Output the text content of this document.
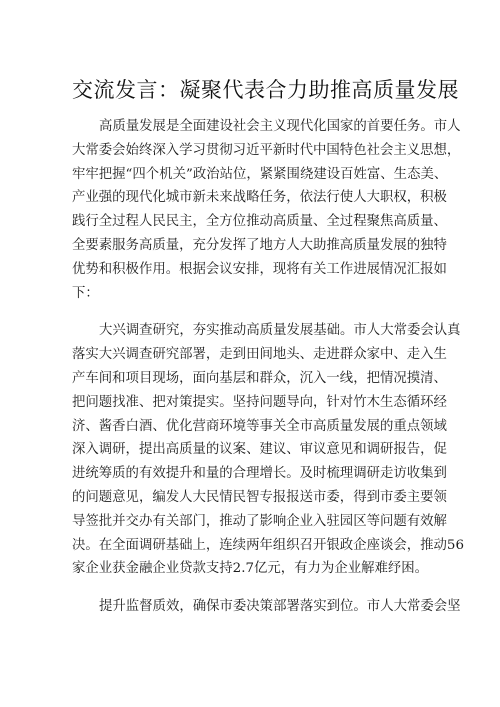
交流发言：凝聚代表合力助推高质量发展
高质量发展是全面建设社会主义现代化国家的首要任务。市人
大常委会始终深入学习贯彻习近平新时代中国特色社会主义思想，
牢牢把握“四个机关”政治站位，紧紧围绕建设百姓富、生态美、
产业强的现代化城市新未来战略任务，依法行使人大职权，积极
践行全过程人民民主，全方位推动高质量、全过程聚焦高质量、
全要素服务高质量，充分发挥了地方人大助推高质量发展的独特
优势和积极作用。根据会议安排，现将有关工作进展情况汇报如
下：
大兴调查研究，夯实推动高质量发展基础。市人大常委会认真
落实大兴调查研究部署，走到田间地头、走进群众家中、走入生
产车间和项目现场，面向基层和群众，沉入一线，把情况摸清、
把问题找准、把对策提实。坚持问题导向，针对竹木生态循环经
济、酱香白酒、优化营商环境等事关全市高质量发展的重点领域
深入调研，提出高质量的议案、建议、审议意见和调研报告，促
进统筹质的有效提升和量的合理增长。及时梳理调研走访收集到
的问题意见，编发人大民情民智专报报送市委，得到市委主要领
导签批并交办有关部门，推动了影响企业入驻园区等问题有效解
决。在全面调研基础上，连续两年组织召开银政企座谈会，推动56
家企业获金融企业贷款支持2.7亿元，有力为企业解难纾困。
提升监督质效，确保市委决策部署落实到位。市人大常委会坚
